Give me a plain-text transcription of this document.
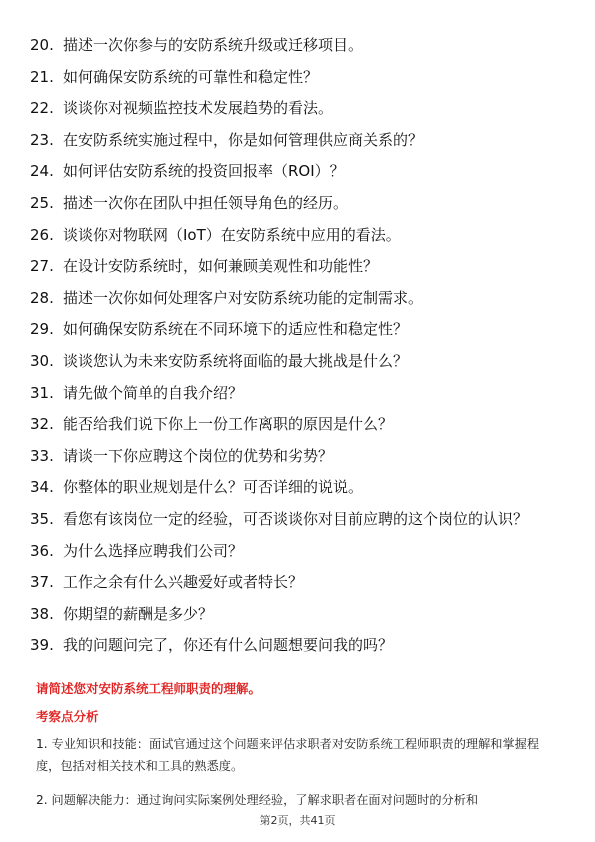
20. 描述一次你参与的安防系统升级或迁移项目。
21. 如何确保安防系统的可靠性和稳定性？
22. 谈谈你对视频监控技术发展趋势的看法。
23. 在安防系统实施过程中，你是如何管理供应商关系的？
24. 如何评估安防系统的投资回报率（ROI）？
25. 描述一次你在团队中担任领导角色的经历。
26. 谈谈你对物联网（IoT）在安防系统中应用的看法。
27. 在设计安防系统时，如何兼顾美观性和功能性？
28. 描述一次你如何处理客户对安防系统功能的定制需求。
29. 如何确保安防系统在不同环境下的适应性和稳定性？
30. 谈谈您认为未来安防系统将面临的最大挑战是什么？
31. 请先做个简单的自我介绍？
32. 能否给我们说下你上一份工作离职的原因是什么？
33. 请谈一下你应聘这个岗位的优势和劣势？
34. 你整体的职业规划是什么？可否详细的说说。
35. 看您有该岗位一定的经验，可否谈谈你对目前应聘的这个岗位的认识？
36. 为什么选择应聘我们公司？
37. 工作之余有什么兴趣爱好或者特长？
38. 你期望的薪酬是多少？
39. 我的问题问完了，你还有什么问题想要问我的吗？
请简述您对安防系统工程师职责的理解。
考察点分析
1. 专业知识和技能：面试官通过这个问题来评估求职者对安防系统工程师职责的理解和掌握程度，包括对相关技术和工具的熟悉度。
2. 问题解决能力：通过询问实际案例处理经验，了解求职者在面对问题时的分析和
第2页，共41页
